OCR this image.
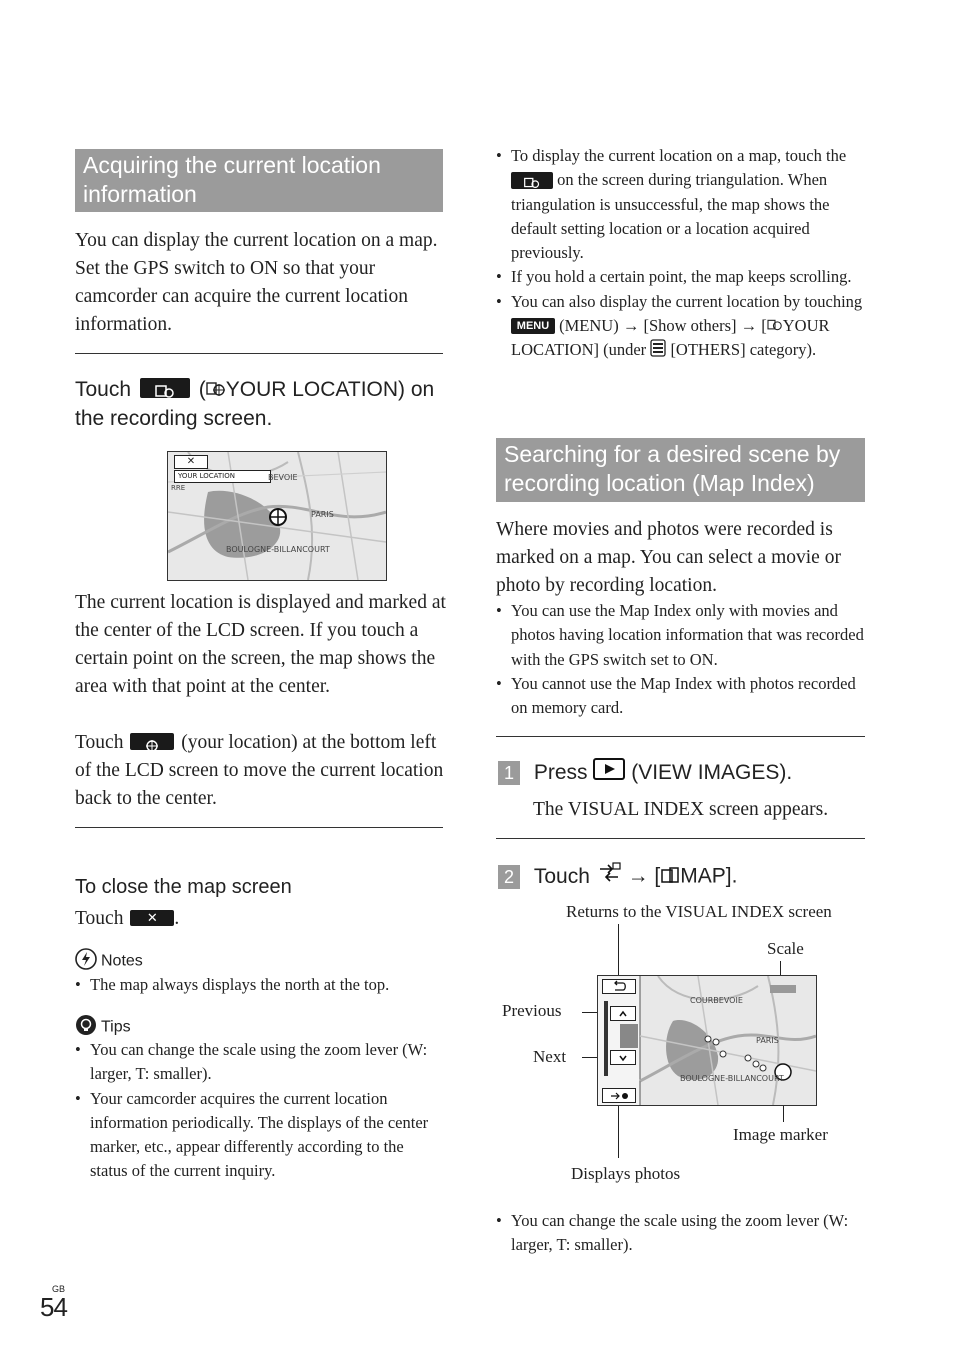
Acquiring the current location information
You can display the current location on a map. Set the GPS switch to ON so that your camcorder can acquire the current location information.
Touch	( YOUR LOCATION) on
the recording screen.
✕
YOUR LOCATION	BEVOIE
RRE
PARIS
BOULOGNE-BILLANCOURT
The current location is displayed and marked at the center of the LCD screen. If you touch a certain point on the screen, the map shows the area with that point at the center.
Touch	(your location) at the bottom left of the LCD screen to move the current location back to the center.
To close the map screen
Touch ✕ .
Notes
• The map always displays the north at the top.
Tips
• You can change the scale using the zoom lever (W: larger, T: smaller).
• Your camcorder acquires the current location information periodically. The displays of the center marker, etc., appear differently according to the status of the current inquiry.
• To display the current location on a map, touch the  on the screen during triangulation. When triangulation is unsuccessful, the map shows the default setting location or a location acquired previously.
• If you hold a certain point, the map keeps scrolling.
• You can also display the current location by touching MENU (MENU) → [Show others] → [ YOUR LOCATION] (under [OTHERS] category).
Searching for a desired scene by recording location (Map Index)
Where movies and photos were recorded is marked on a map. You can select a movie or photo by recording location.
• You can use the Map Index only with movies and photos having location information that was recorded with the GPS switch set to ON.
• You cannot use the Map Index with photos recorded on memory card.
1 Press (VIEW IMAGES).
The VISUAL INDEX screen appears.
2 Touch → [ MAP].
Returns to the VISUAL INDEX screen
Scale
Previous
Next
Image marker
Displays photos
COURBEVOIE
PARIS
BOULOGNE-BILLANCOURT
• You can change the scale using the zoom lever (W: larger, T: smaller).
GB
54
